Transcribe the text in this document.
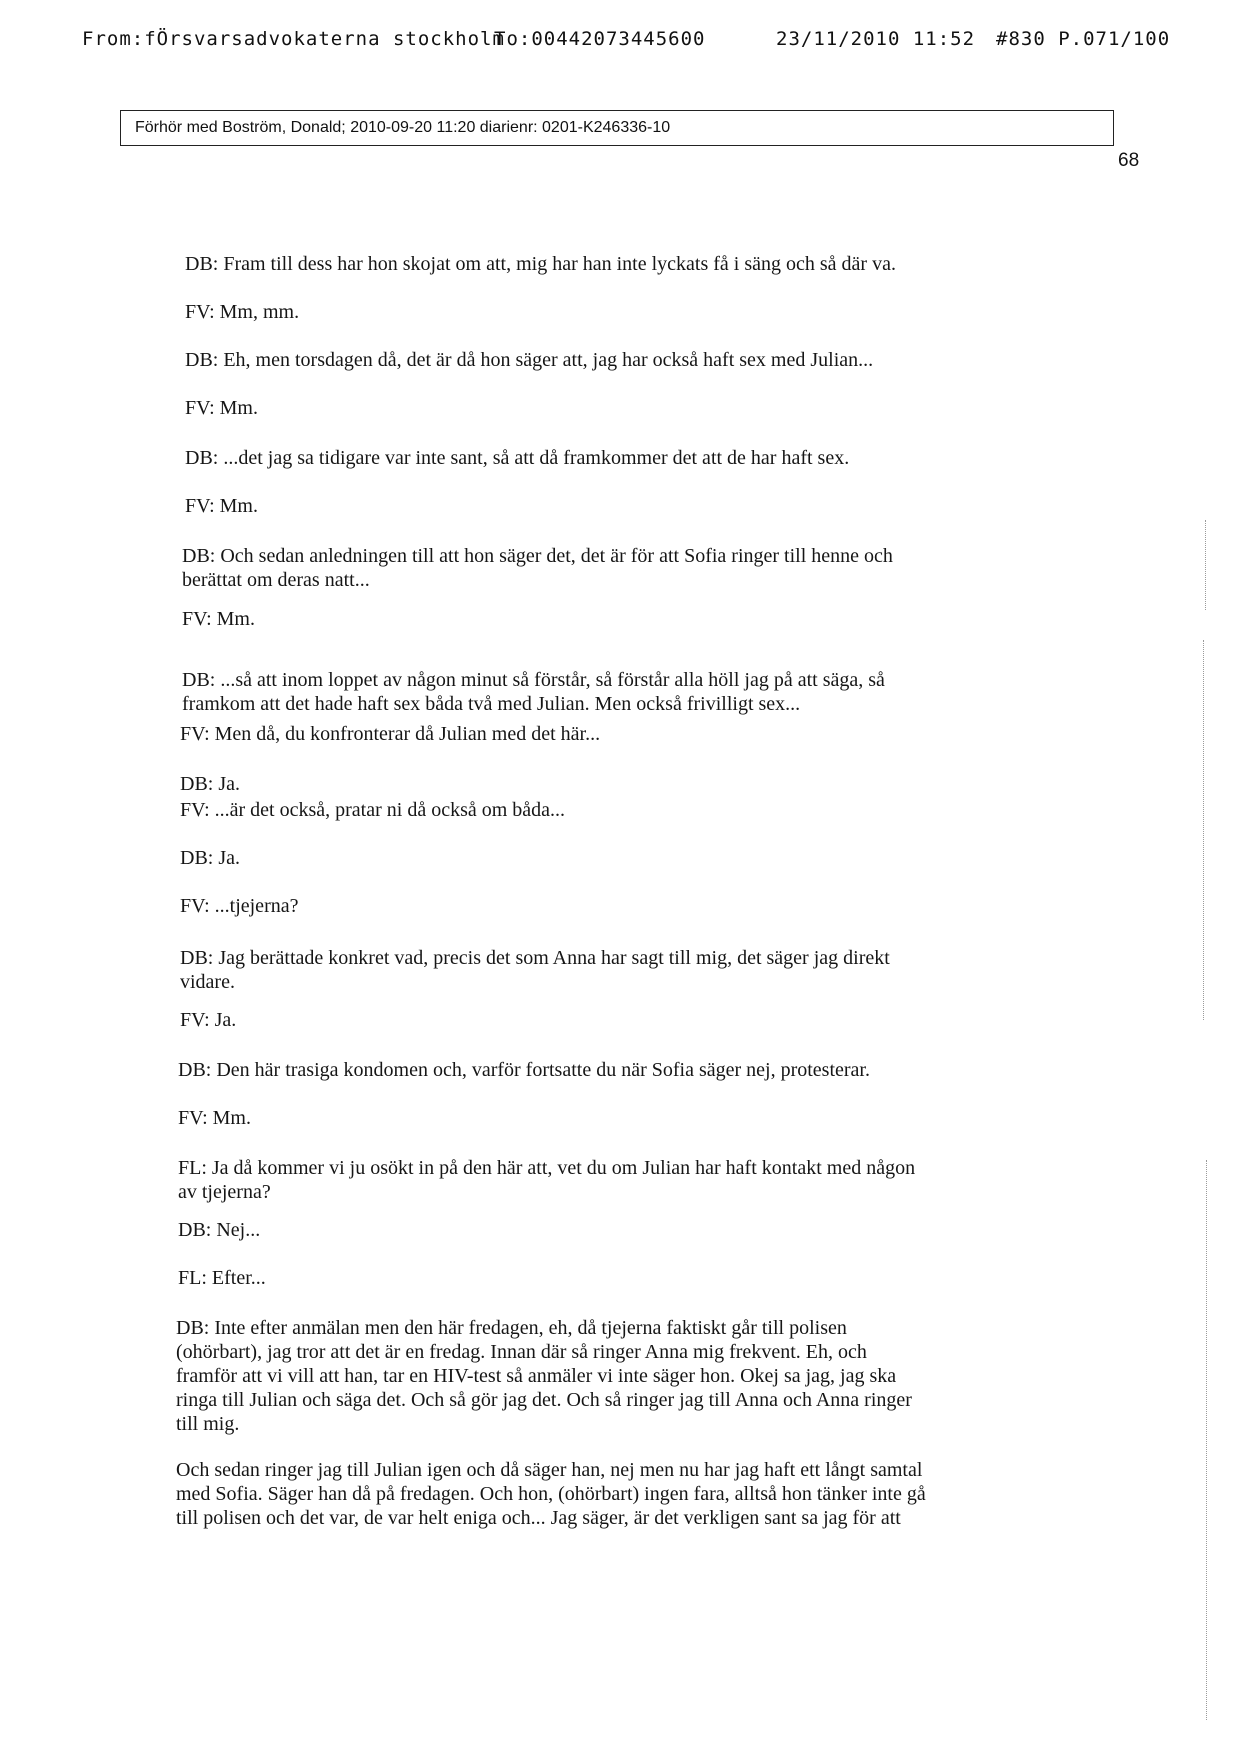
From:fÖrsvarsadvokaterna stockholm
To:00442073445600	23/11/2010 11:52 #830 P.071/100
Förhör med Boström, Donald; 2010-09-20 11:20 diarienr: 0201-K246336-10
68
DB: Fram till dess har hon skojat om att, mig har han inte lyckats få i säng och så där va.
FV: Mm, mm.
DB: Eh, men torsdagen då, det är då hon säger att, jag har också haft sex med Julian...
FV: Mm.
DB: ...det jag sa tidigare var inte sant, så att då framkommer det att de har haft sex.
FV: Mm.
DB: Och sedan anledningen till att hon säger det, det är för att Sofia ringer till henne och
berättat om deras natt...
FV: Mm.
DB: ...så att inom loppet av någon minut så förstår, så förstår alla höll jag på att säga, så
framkom att det hade haft sex båda två med Julian. Men också frivilligt sex...
FV: Men då, du konfronterar då Julian med det här...
DB: Ja.
FV: ...är det också, pratar ni då också om båda...
DB: Ja.
FV: ...tjejerna?
DB: Jag berättade konkret vad, precis det som Anna har sagt till mig, det säger jag direkt
vidare.
FV: Ja.
DB: Den här trasiga kondomen och, varför fortsatte du när Sofia säger nej, protesterar.
FV: Mm.
FL: Ja då kommer vi ju osökt in på den här att, vet du om Julian har haft kontakt med någon
av tjejerna?
DB: Nej...
FL: Efter...
DB: Inte efter anmälan men den här fredagen, eh, då tjejerna faktiskt går till polisen
(ohörbart), jag tror att det är en fredag. Innan där så ringer Anna mig frekvent. Eh, och
framför att vi vill att han, tar en HIV-test så anmäler vi inte säger hon. Okej sa jag, jag ska
ringa till Julian och säga det. Och så gör jag det. Och så ringer jag till Anna och Anna ringer
till mig.
Och sedan ringer jag till Julian igen och då säger han, nej men nu har jag haft ett långt samtal
med Sofia. Säger han då på fredagen. Och hon, (ohörbart) ingen fara, alltså hon tänker inte gå
till polisen och det var, de var helt eniga och... Jag säger, är det verkligen sant sa jag för att
